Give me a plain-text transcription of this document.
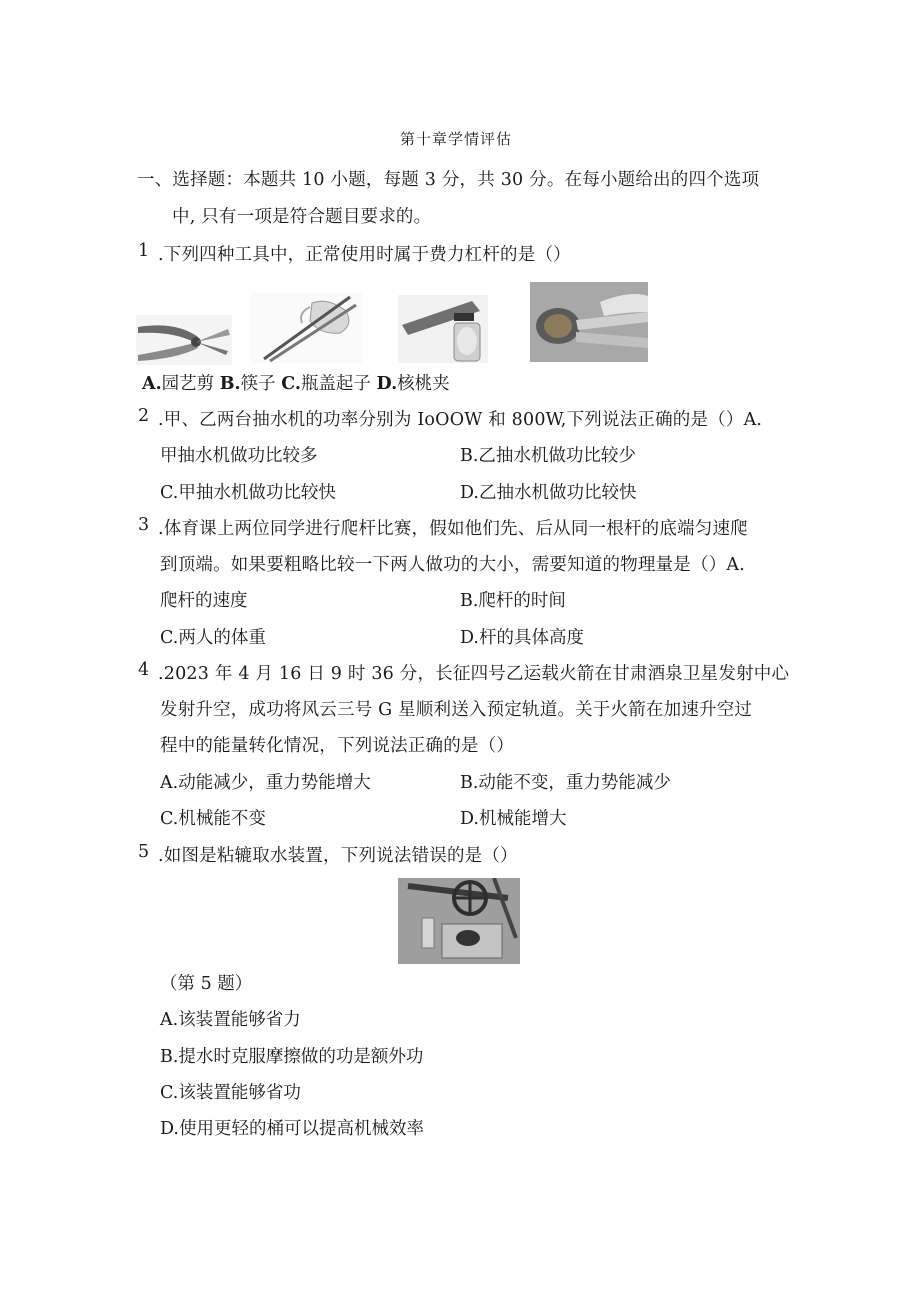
第十章学情评估
一、选择题：本题共 10 小题，每题 3 分，共 30 分。在每小题给出的四个选项
中, 只有一项是符合题目要求的。
1 .下列四种工具中，正常使用时属于费力杠杆的是（）
A.园艺剪 B.筷子 C.瓶盖起子 D.核桃夹
2 .甲、乙两台抽水机的功率分别为 IoOOW 和 800W,下列说法正确的是（）A.
甲抽水机做功比较多	B.乙抽水机做功比较少
C.甲抽水机做功比较快	D.乙抽水机做功比较快
3 .体育课上两位同学进行爬杆比赛，假如他们先、后从同一根杆的底端匀速爬
到顶端。如果要粗略比较一下两人做功的大小，需要知道的物理量是（）A.
爬杆的速度	B.爬杆的时间
C.两人的体重	D.杆的具体高度
4 .2023 年 4 月 16 日 9 时 36 分，长征四号乙运载火箭在甘肃酒泉卫星发射中心
发射升空，成功将风云三号 G 星顺利送入预定轨道。关于火箭在加速升空过
程中的能量转化情况，下列说法正确的是（）
A.动能减少，重力势能增大	B.动能不变，重力势能减少
C.机械能不变	D.机械能增大
5 .如图是粘辘取水装置，下列说法错误的是（）
（第 5 题）
A.该装置能够省力
B.提水时克服摩擦做的功是额外功
C.该装置能够省功
D.使用更轻的桶可以提高机械效率
